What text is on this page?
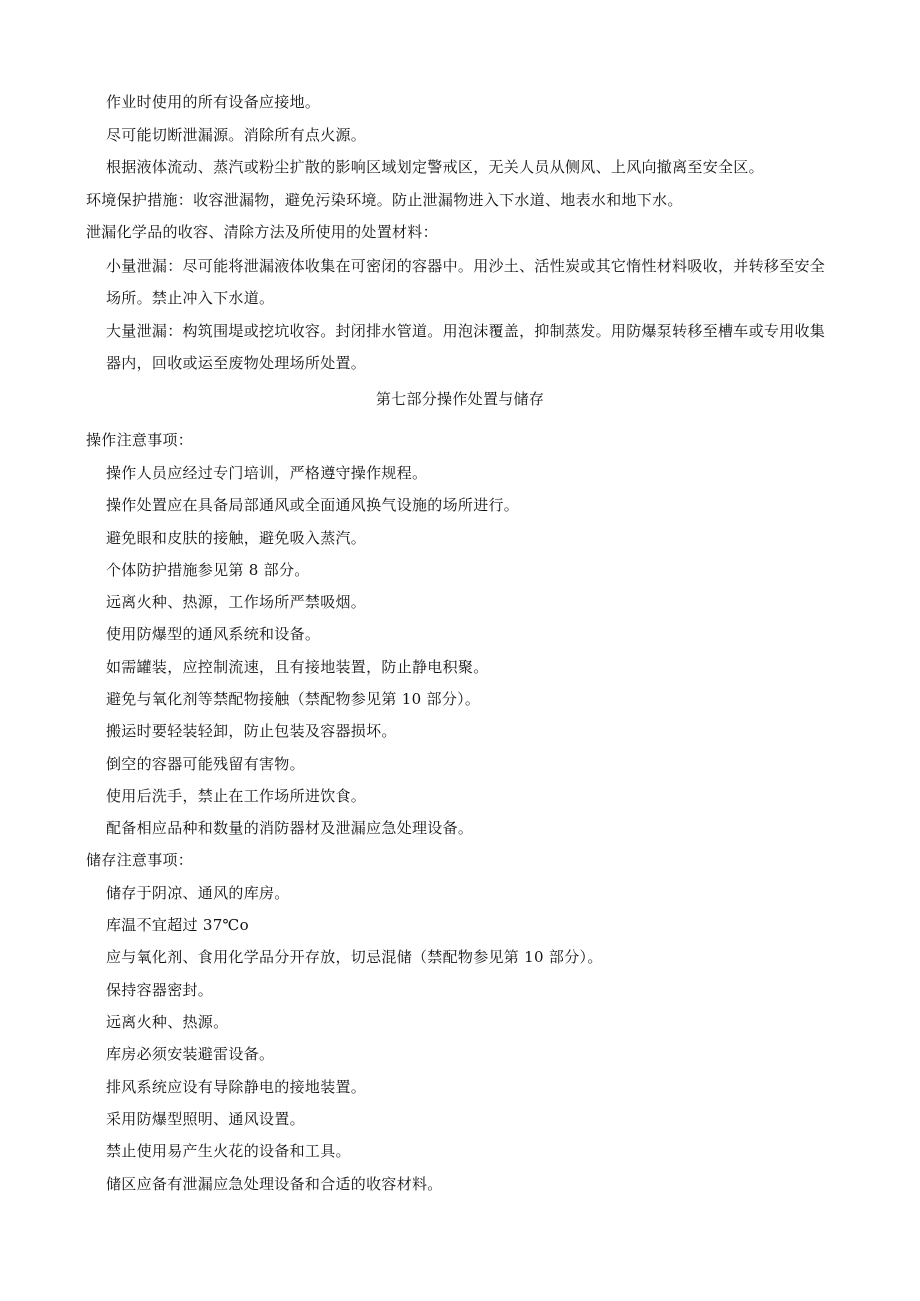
作业时使用的所有设备应接地。
尽可能切断泄漏源。消除所有点火源。
根据液体流动、蒸汽或粉尘扩散的影响区域划定警戒区，无关人员从侧风、上风向撤离至安全区。
环境保护措施：收容泄漏物，避免污染环境。防止泄漏物进入下水道、地表水和地下水。
泄漏化学品的收容、清除方法及所使用的处置材料：
小量泄漏：尽可能将泄漏液体收集在可密闭的容器中。用沙土、活性炭或其它惰性材料吸收，并转移至安全
场所。禁止冲入下水道。
大量泄漏：构筑围堤或挖坑收容。封闭排水管道。用泡沫覆盖，抑制蒸发。用防爆泵转移至槽车或专用收集
器内，回收或运至废物处理场所处置。
第七部分操作处置与储存
操作注意事项：
操作人员应经过专门培训，严格遵守操作规程。
操作处置应在具备局部通风或全面通风换气设施的场所进行。
避免眼和皮肤的接触，避免吸入蒸汽。
个体防护措施参见第 8 部分。
远离火种、热源，工作场所严禁吸烟。
使用防爆型的通风系统和设备。
如需罐装，应控制流速，且有接地装置，防止静电积聚。
避免与氧化剂等禁配物接触（禁配物参见第 10 部分）。
搬运时要轻装轻卸，防止包装及容器损坏。
倒空的容器可能残留有害物。
使用后洗手，禁止在工作场所进饮食。
配备相应品种和数量的消防器材及泄漏应急处理设备。
储存注意事项：
储存于阴凉、通风的库房。
库温不宜超过 37℃o
应与氧化剂、食用化学品分开存放，切忌混储（禁配物参见第 10 部分）。
保持容器密封。
远离火种、热源。
库房必须安装避雷设备。
排风系统应设有导除静电的接地装置。
采用防爆型照明、通风设置。
禁止使用易产生火花的设备和工具。
储区应备有泄漏应急处理设备和合适的收容材料。
